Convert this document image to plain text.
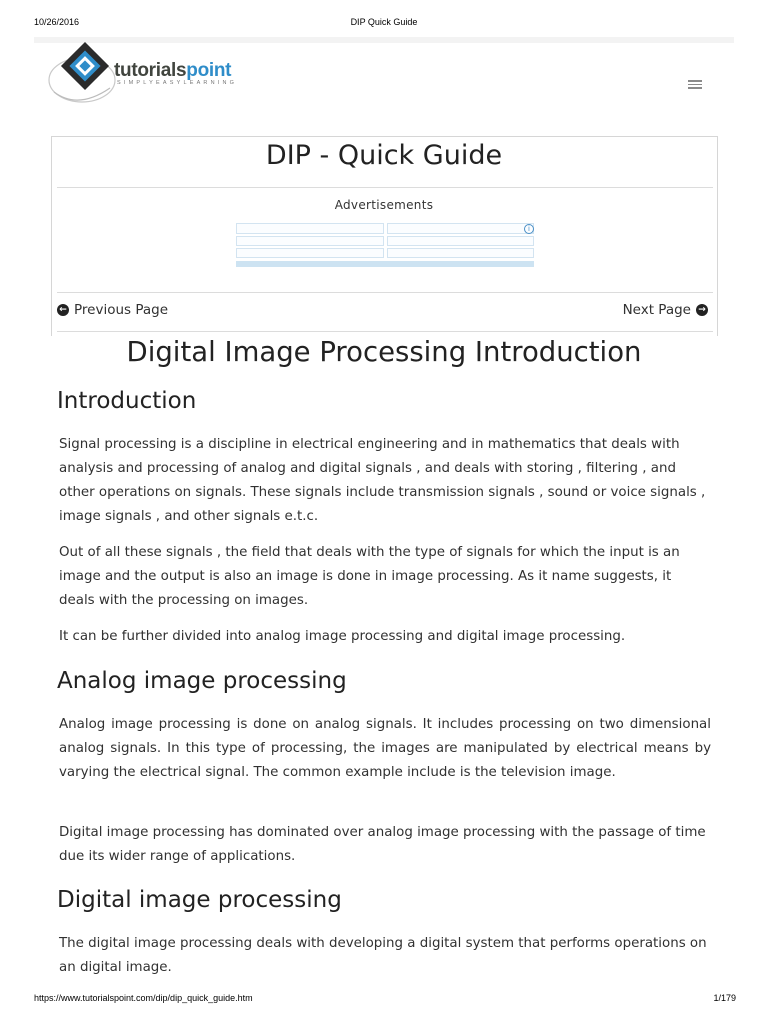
10/26/2016	DIP Quick Guide
tutorialspoint
SIMPLYEASYLEARNING
DIP - Quick Guide
Advertisements
i
← Previous Page	Next Page →
Digital Image Processing Introduction
Introduction

Signal processing is a discipline in electrical engineering and in mathematics that deals with analysis and processing of analog and digital signals , and deals with storing , filtering , and other operations on signals. These signals include transmission signals , sound or voice signals , image signals , and other signals e.t.c.

Out of all these signals , the field that deals with the type of signals for which the input is an image and the output is also an image is done in image processing. As it name suggests, it deals with the processing on images.

It can be further divided into analog image processing and digital image processing.

Analog image processing

Analog image processing is done on analog signals. It includes processing on two dimensional analog signals. In this type of processing, the images are manipulated by electrical means by varying the electrical signal. The common example include is the television image.

Digital image processing has dominated over analog image processing with the passage of time due its wider range of applications.

Digital image processing

The digital image processing deals with developing a digital system that performs operations on an digital image.

https://www.tutorialspoint.com/dip/dip_quick_guide.htm	1/179
